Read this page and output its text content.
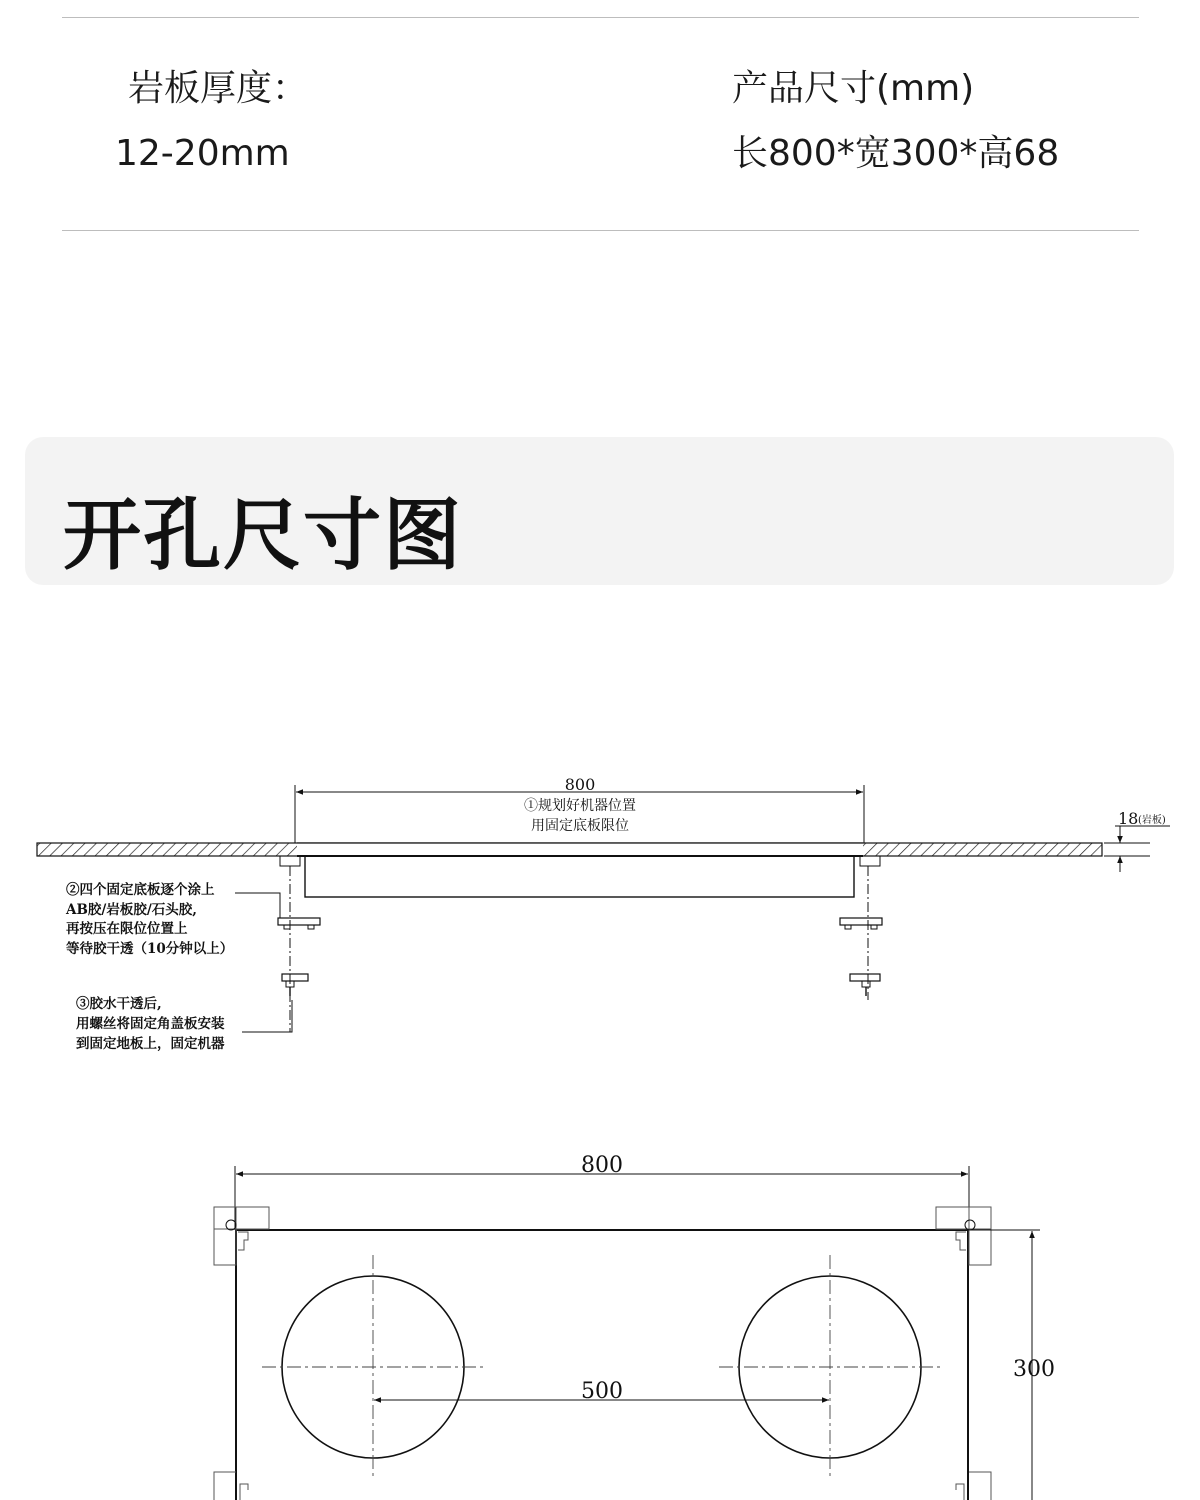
岩板厚度：
12-20mm
产品尺寸(mm)
长800*宽300*高68
开孔尺寸图
800
①规划好机器位置
用固定底板限位	18 (岩板)
②四个固定底板逐个涂上
AB胶/岩板胶/石头胶,
再按压在限位位置上
等待胶干透（10分钟以上）
③胶水干透后,
用螺丝将固定角盖板安装
到固定地板上，固定机器
800
300
500
